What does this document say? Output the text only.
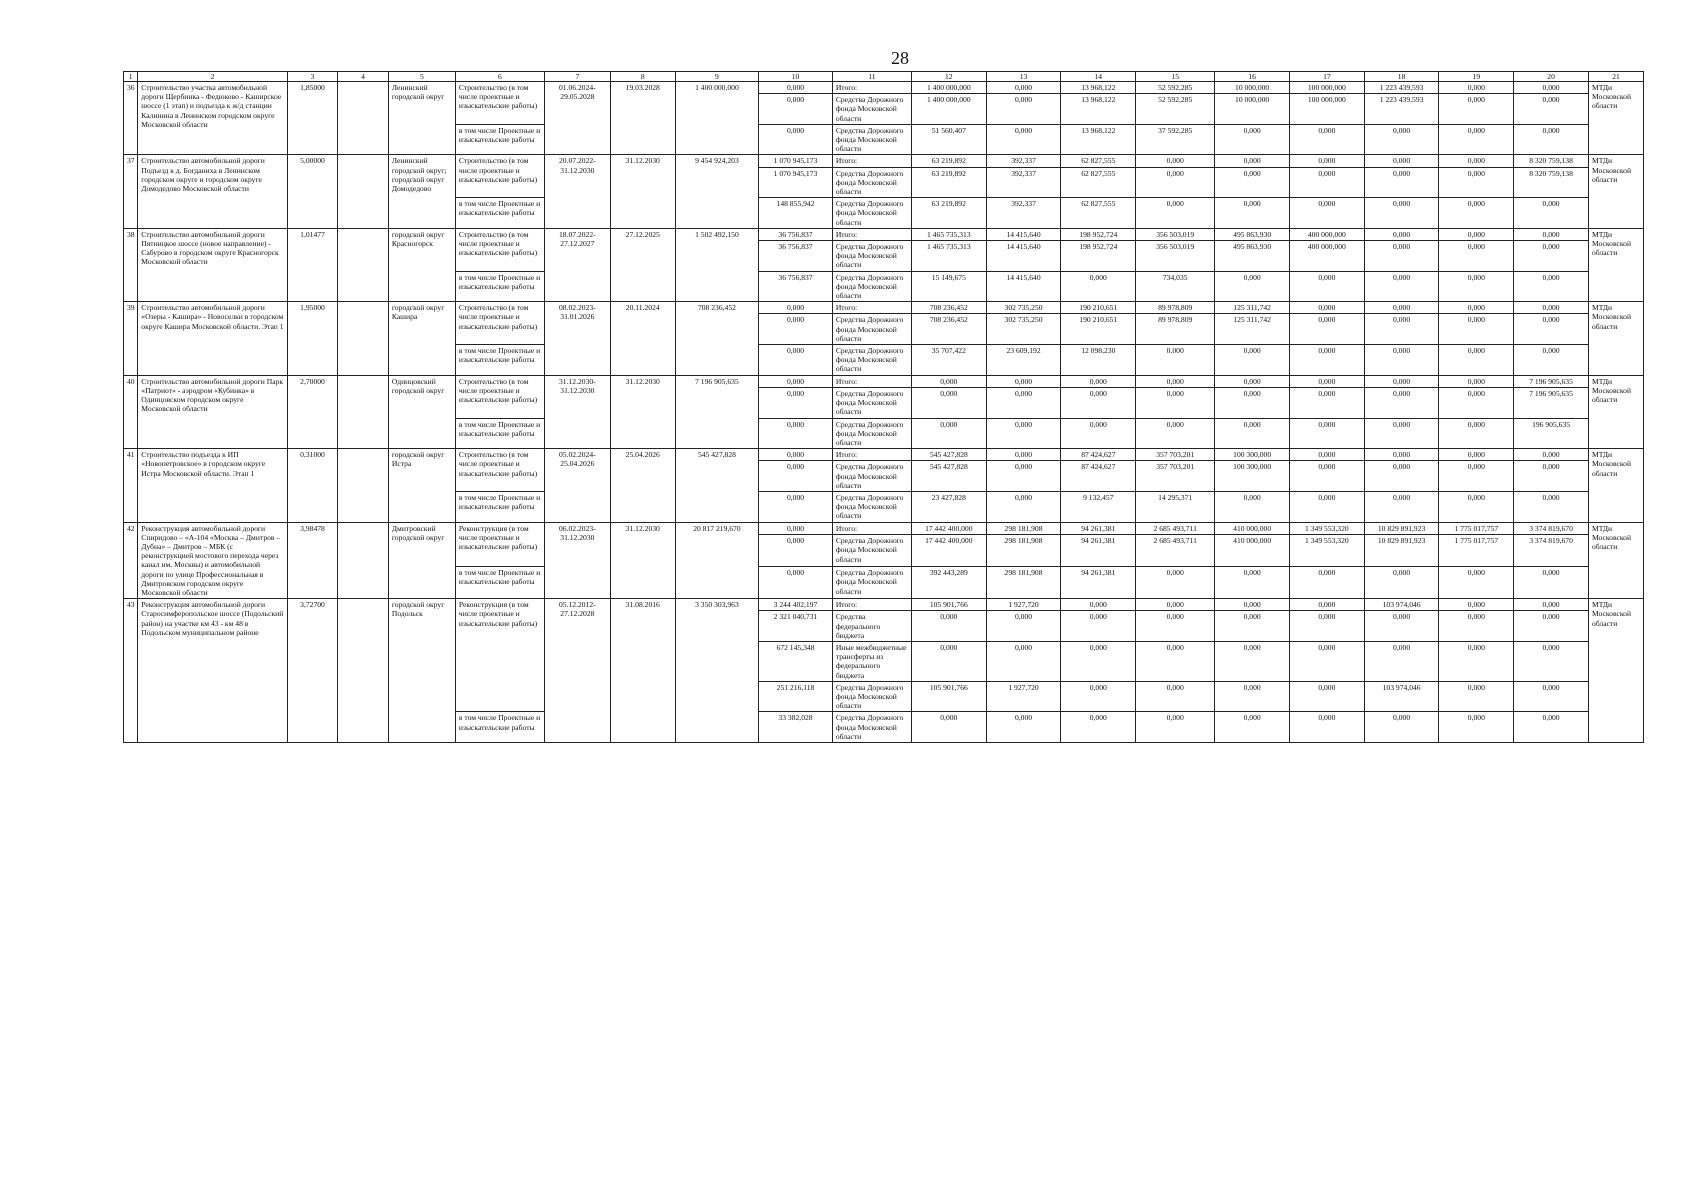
28
1	2	3	4	5	6	7	8	9	10	11	12	13	14	15	16	17	18	19	20	21
36	Строительство участка автомобильной дороги Щербинка - Федюково - Каширское шоссе (1 этап) и подъезда к ж/д станции Калинина в Ленинском городском округе Московской области	1,85000		Ленинский городской округ	Строительство (в том числе проектные и изыскательские работы)	01.06.2024- 29.05.2028	19.03.2028	1 400 000,000	0,000	Итого:	1 400 000,000	0,000	13 968,122	52 592,285	10 000,000	100 000,000	1 223 439,593	0,000	0,000	МТДи Московской области
									0,000	Средства Дорожного фонда Московской области	1 400 000,000	0,000	13 968,122	52 592,285	10 000,000	100 000,000	1 223 439,593	0,000	0,000	
					в том числе Проектные и изыскательские работы				0,000	Средства Дорожного фонда Московской области	51 560,407	0,000	13 968,122	37 592,285	0,000	0,000	0,000	0,000	0,000	
37	Строительство автомобильной дороги Подъезд к д. Богданиха в Ленинском городском округе и городском округе Домодедово Московской области	5,00000		Ленинский городской округ; городской округ Домодедово	Строительство (в том числе проектные и изыскательские работы)	20.07.2022- 31.12.2030	31.12.2030	9 454 924,203	1 070 945,173	Итого:	63 219,892	392,337	62 827,555	0,000	0,000	0,000	0,000	0,000	8 320 759,138	МТДи Московской области
									1 070 945,173	Средства Дорожного фонда Московской области	63 219,892	392,337	62 827,555	0,000	0,000	0,000	0,000	0,000	8 320 759,138	
					в том числе Проектные и изыскательские работы				148 855,942	Средства Дорожного фонда Московской области	63 219,892	392,337	62 827,555	0,000	0,000	0,000	0,000	0,000	0,000	
38	Строительство автомобильной дороги Пятницкое шоссе (новое направление) - Сабурово в городском округе Красногорск Московской области	1,01477		городской округ Красногорск	Строительство (в том числе проектные и изыскательские работы)	18.07.2022- 27.12.2027	27.12.2025	1 502 492,150	36 756,837	Итого:	1 465 735,313	14 415,640	198 952,724	356 503,019	495 863,930	400 000,000	0,000	0,000	0,000	МТДи Московской области
									36 756,837	Средства Дорожного фонда Московской области	1 465 735,313	14 415,640	198 952,724	356 503,019	495 863,930	400 000,000	0,000	0,000	0,000	
					в том числе Проектные и изыскательские работы				36 756,837	Средства Дорожного фонда Московской области	15 149,675	14 415,640	0,000	734,035	0,000	0,000	0,000	0,000	0,000	
39	Строительство автомобильной дороги «Озеры - Кашира» - Новоселки в городском округе Кашира Московской области. Этап 1	1,95000		городской округ Кашира	Строительство (в том числе проектные и изыскательские работы)	08.02.2023- 31.01.2026	20.11.2024	708 236,452	0,000	Итого:	708 236,452	302 735,250	190 210,651	89 978,809	125 311,742	0,000	0,000	0,000	0,000	МТДи Московской области
									0,000	Средства Дорожного фонда Московской области	708 236,452	302 735,250	190 210,651	89 978,809	125 311,742	0,000	0,000	0,000	0,000	
					в том числе Проектные и изыскательские работы				0,000	Средства Дорожного фонда Московской области	35 707,422	23 609,192	12 098,230	0,000	0,000	0,000	0,000	0,000	0,000	
40	Строительство автомобильной дороги Парк «Патриот» - аэродром «Кубинка» в Одинцовском городском округе Московской области	2,70000		Одинцовский городской округ	Строительство (в том числе проектные и изыскательские работы)	31.12.2030- 31.12.2030	31.12.2030	7 196 905,635	0,000	Итого:	0,000	0,000	0,000	0,000	0,000	0,000	0,000	0,000	7 196 905,635	МТДи Московской области
									0,000	Средства Дорожного фонда Московской области	0,000	0,000	0,000	0,000	0,000	0,000	0,000	0,000	7 196 905,635	
					в том числе Проектные и изыскательские работы				0,000	Средства Дорожного фонда Московской области	0,000	0,000	0,000	0,000	0,000	0,000	0,000	0,000	196 905,635	
41	Строительство подъезда к ИП «Новопетровское» в городском округе Истра Московской области. Этап 1	0,31000		городской округ Истра	Строительство (в том числе проектные и изыскательские работы)	05.02.2024- 25.04.2026	25.04.2026	545 427,828	0,000	Итого:	545 427,828	0,000	87 424,627	357 703,201	100 300,000	0,000	0,000	0,000	0,000	МТДи Московской области
									0,000	Средства Дорожного фонда Московской области	545 427,828	0,000	87 424,627	357 703,201	100 300,000	0,000	0,000	0,000	0,000	
					в том числе Проектные и изыскательские работы				0,000	Средства Дорожного фонда Московской области	23 427,828	0,000	9 132,457	14 295,371	0,000	0,000	0,000	0,000	0,000	
42	Реконструкция автомобильной дороги Спиридово – «А-104 «Москва – Дмитров – Дубна» – Дмитров – МБК (с реконструкцией мостового перехода через канал им. Москвы) и автомобильной дороги по улице Профессиональная в Дмитровском городском округе Московской области	3,98478		Дмитровский городской округ	Реконструкция (в том числе проектные и изыскательские работы)	06.02.2023- 31.12.2030	31.12.2030	20 817 219,670	0,000	Итого:	17 442 400,000	298 181,908	94 261,381	2 685 493,711	410 000,000	1 349 553,320	10 829 891,923	1 775 017,757	3 374 819,670	МТДи Московской области
									0,000	Средства Дорожного фонда Московской области	17 442 400,000	298 181,908	94 261,381	2 685 493,711	410 000,000	1 349 553,320	10 829 891,923	1 775 017,757	3 374 819,670	
					в том числе Проектные и изыскательские работы				0,000	Средства Дорожного фонда Московской области	392 443,289	298 181,908	94 261,381	0,000	0,000	0,000	0,000	0,000	0,000	
43	Реконструкция автомобильной дороги Старосимферопольское шоссе (Подольский район) на участке км 43 - км 48 в Подольском муниципальном районе	3,72700		городской округ Подольск	Реконструкция (в том числе проектные и изыскательские работы)	05.12.2012- 27.12.2028	31.08.2016	3 350 303,963	3 244 402,197	Итого:	105 901,766	1 927,720	0,000	0,000	0,000	0,000	103 974,046	0,000	0,000	МТДи Московской области
									2 321 040,731	Средства федерального бюджета	0,000	0,000	0,000	0,000	0,000	0,000	0,000	0,000	0,000	
									672 145,348	Иные межбюджетные трансферты из федерального бюджета	0,000	0,000	0,000	0,000	0,000	0,000	0,000	0,000	0,000	
									251 216,118	Средства Дорожного фонда Московской области	105 901,766	1 927,720	0,000	0,000	0,000	0,000	103 974,046	0,000	0,000	
					в том числе Проектные и изыскательские работы				33 382,028	Средства Дорожного фонда Московской области	0,000	0,000	0,000	0,000	0,000	0,000	0,000	0,000	0,000	
